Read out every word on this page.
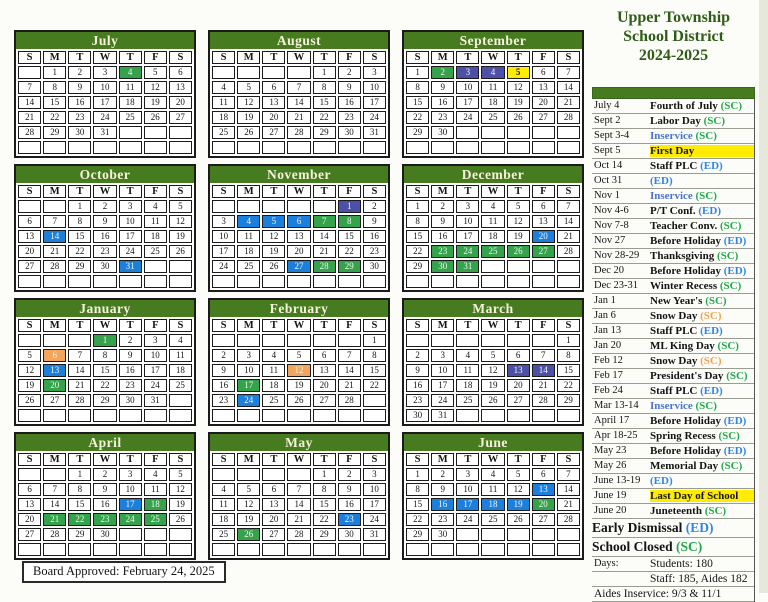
July
S	M	T	W	T	F	S
	1	2	3	4	5	6
7	8	9	10	11	12	13
14	15	16	17	18	19	20
21	22	23	24	25	26	27
28	29	30	31			

August
S	M	T	W	T	F	S
				1	2	3
4	5	6	7	8	9	10
11	12	13	14	15	16	17
18	19	20	21	22	23	24
25	26	27	28	29	30	31

September
S	M	T	W	T	F	S
1	2	3	4	5	6	7
8	9	10	11	12	13	14
15	16	17	18	19	20	21
22	23	24	25	26	27	28
29	30					

October
S	M	T	W	T	F	S
		1	2	3	4	5
6	7	8	9	10	11	12
13	14	15	16	17	18	19
20	21	22	23	24	25	26
27	28	29	30	31		

November
S	M	T	W	T	F	S
					1	2
3	4	5	6	7	8	9
10	11	12	13	14	15	16
17	18	19	20	21	22	23
24	25	26	27	28	29	30

December
S	M	T	W	T	F	S
1	2	3	4	5	6	7
8	9	10	11	12	13	14
15	16	17	18	19	20	21
22	23	24	25	26	27	28
29	30	31				

January
S	M	T	W	T	F	S
			1	2	3	4
5	6	7	8	9	10	11
12	13	14	15	16	17	18
19	20	21	22	23	24	25
26	27	28	29	30	31	

February
S	M	T	W	T	F	S
						1
2	3	4	5	6	7	8
9	10	11	12	13	14	15
16	17	18	19	20	21	22
23	24	25	26	27	28	

March
S	M	T	W	T	F	S
						1
2	3	4	5	6	7	8
9	10	11	12	13	14	15
16	17	18	19	20	21	22
23	24	25	26	27	28	29
30	31					
April
S	M	T	W	T	F	S
		1	2	3	4	5
6	7	8	9	10	11	12
13	14	15	16	17	18	19
20	21	22	23	24	25	26
27	28	29	30			

May
S	M	T	W	T	F	S
				1	2	3
4	5	6	7	8	9	10
11	12	13	14	15	16	17
18	19	20	21	22	23	24
25	26	27	28	29	30	31

June
S	M	T	W	T	F	S
1	2	3	4	5	6	7
8	9	10	11	12	13	14
15	16	17	18	19	20	21
22	23	24	25	26	27	28
29	30					

Upper Township
School District
2024-2025
July 4	Fourth of July (SC)
Sept 2	Labor Day (SC)
Sept 3-4	Inservice (SC)
Sept 5	First Day
Oct 14	Staff PLC (ED)
Oct 31	(ED)
Nov 1	Inservice (SC)
Nov 4-6	P/T Conf. (ED)
Nov 7-8	Teacher Conv. (SC)
Nov 27	Before Holiday (ED)
Nov 28-29 Thanksgiving (SC)
Dec 20	Before Holiday (ED)
Dec 23-31	Winter Recess (SC)
Jan 1	New Year's (SC)
Jan 6	Snow Day (SC)
Jan 13	Staff PLC (ED)
Jan 20	ML King Day (SC)
Feb 12	Snow Day (SC)
Feb 17	President's Day (SC)
Feb 24	Staff PLC (ED)
Mar 13-14	Inservice (SC)
April 17	Before Holiday (ED)
Apr 18-25	Spring Recess (SC)
May 23	Before Holiday (ED)
May 26	Memorial Day (SC)
June 13-19 (ED)
June 19	Last Day of School
June 20	Juneteenth (SC)
Early Dismissal (ED)
School Closed (SC)
Days:	Students: 180
Staff: 185, Aides 182
Aides Inservice: 9/3 & 11/1
Board Approved: February 24, 2025
